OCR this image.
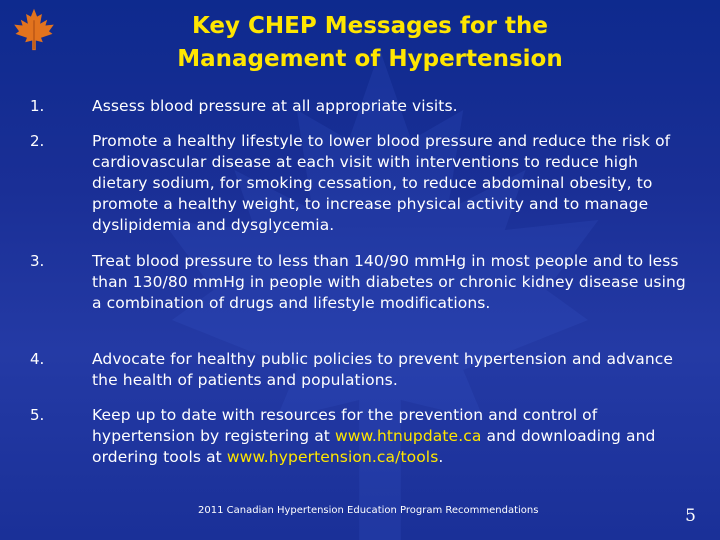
Key CHEP Messages for the
Management of Hypertension
1.	Assess blood pressure at all appropriate visits.
2.	Promote a healthy lifestyle to lower blood pressure and reduce the risk of cardiovascular disease at each visit with interventions to reduce high dietary sodium, for smoking cessation, to reduce abdominal obesity, to promote a healthy weight, to increase physical activity and to manage dyslipidemia and dysglycemia.
3.	Treat blood pressure to less than 140/90 mmHg in most people and to less than 130/80 mmHg in people with diabetes or chronic kidney disease using a combination of drugs and lifestyle modifications.
4.	Advocate for healthy public policies to prevent hypertension and advance the health of patients and populations.
5.	Keep up to date with resources for the prevention and control of hypertension by registering at www.htnupdate.ca and downloading and ordering tools at www.hypertension.ca/tools.
2011 Canadian Hypertension Education Program Recommendations	5
